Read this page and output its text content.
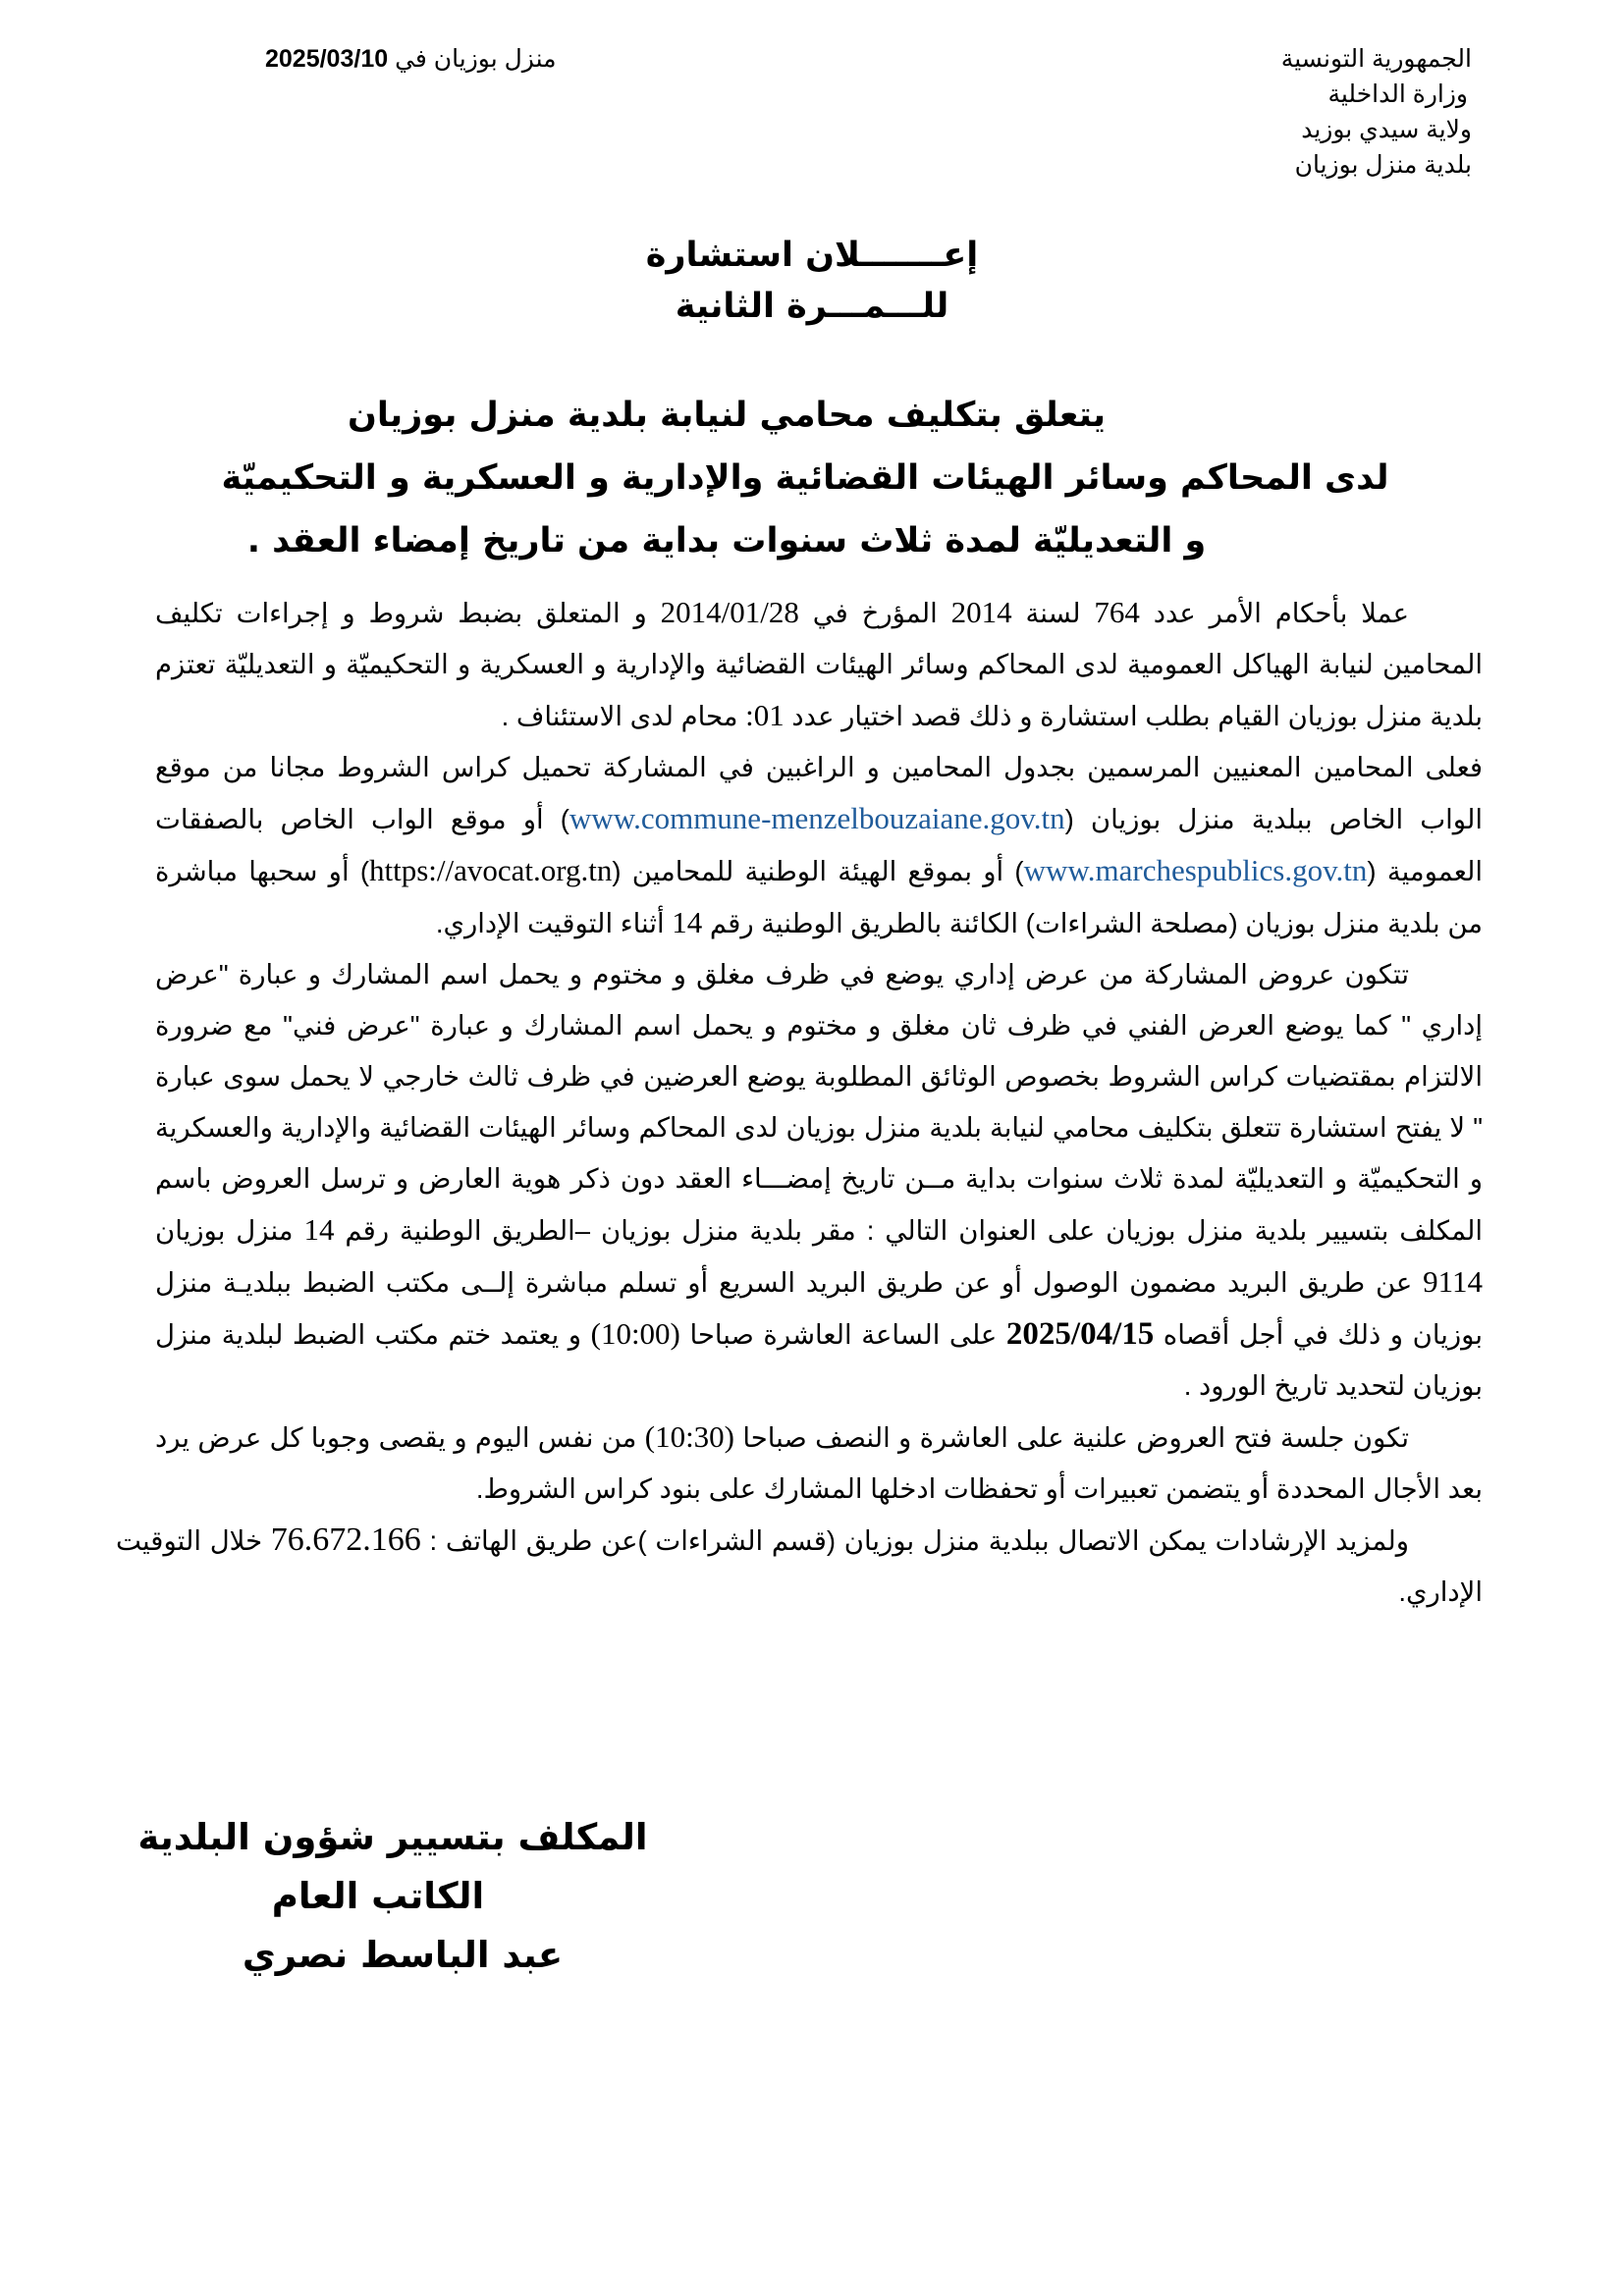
الجمهورية التونسية
وزارة الداخلية
ولاية سيدي بوزيد
بلدية منزل بوزيان
منزل بوزيان في 2025/03/10
إعـــــــلان استشارة
للـــمـــرة الثانية
يتعلق بتكليف محامي لنيابة بلدية منزل بوزيان
لدى المحاكم وسائر الهيئات القضائية والإدارية و العسكرية و التحكيميّة
و التعديليّة لمدة ثلاث سنوات بداية من تاريخ إمضاء العقد .

عملا بأحكام الأمر عدد 764 لسنة 2014 المؤرخ في 2014/01/28 و المتعلق بضبط شروط و إجراءات تكليف المحامين لنيابة الهياكل العمومية لدى المحاكم وسائر الهيئات القضائية والإدارية و العسكرية و التحكيميّة و التعديليّة تعتزم بلدية منزل بوزيان القيام بطلب استشارة و ذلك قصد اختيار عدد :01 محام لدى الاستئناف .

فعلى المحامين المعنيين المرسمين بجدول المحامين و الراغبين في المشاركة تحميل كراس الشروط مجانا من موقع الواب الخاص ببلدية منزل بوزيان (www.commune-menzelbouzaiane.gov.tn) أو موقع الواب الخاص بالصفقات العمومية (www.marchespublics.gov.tn) أو بموقع الهيئة الوطنية للمحامين (https://avocat.org.tn) أو سحبها مباشرة من بلدية منزل بوزيان (مصلحة الشراءات) الكائنة بالطريق الوطنية رقم 14 أثناء التوقيت الإداري.

تتكون عروض المشاركة من عرض إداري يوضع في ظرف مغلق و مختوم و يحمل اسم المشارك و عبارة "عرض إداري " كما يوضع العرض الفني في ظرف ثان مغلق و مختوم و يحمل اسم المشارك و عبارة "عرض فني" مع ضرورة الالتزام بمقتضيات كراس الشروط بخصوص الوثائق المطلوبة يوضع العرضين في ظرف ثالث خارجي لا يحمل سوى عبارة " لا يفتح استشارة تتعلق بتكليف محامي لنيابة بلدية منزل بوزيان لدى المحاكم وسائر الهيئات القضائية والإدارية والعسكرية و التحكيميّة و التعديليّة لمدة ثلاث سنوات بداية مــن تاريخ إمضـــاء العقد دون ذكر هوية العارض و ترسل العروض باسم المكلف بتسيير بلدية منزل بوزيان على العنوان التالي : مقر بلدية منزل بوزيان –الطريق الوطنية رقم 14 منزل بوزيان 9114 عن طريق البريد مضمون الوصول أو عن طريق البريد السريع أو تسلم مباشرة إلــى مكتب الضبط ببلديـة منزل بوزيان و ذلك في أجل أقصاه 2025/04/15 على الساعة العاشرة صباحا (10:00) و يعتمد ختم مكتب الضبط لبلدية منزل بوزيان لتحديد تاريخ الورود .

تكون جلسة فتح العروض علنية على العاشرة و النصف صباحا (10:30) من نفس اليوم و يقصى وجوبا كل عرض يرد بعد الأجال المحددة أو يتضمن تعبيرات أو تحفظات ادخلها المشارك على بنود كراس الشروط.

ولمزيد الإرشادات يمكن الاتصال ببلدية منزل بوزيان (قسم الشراءات )عن طريق الهاتف : 76.672.166 خلال التوقيت الإداري.

المكلف بتسيير شؤون البلدية
الكاتب العام
عبد الباسط نصري
